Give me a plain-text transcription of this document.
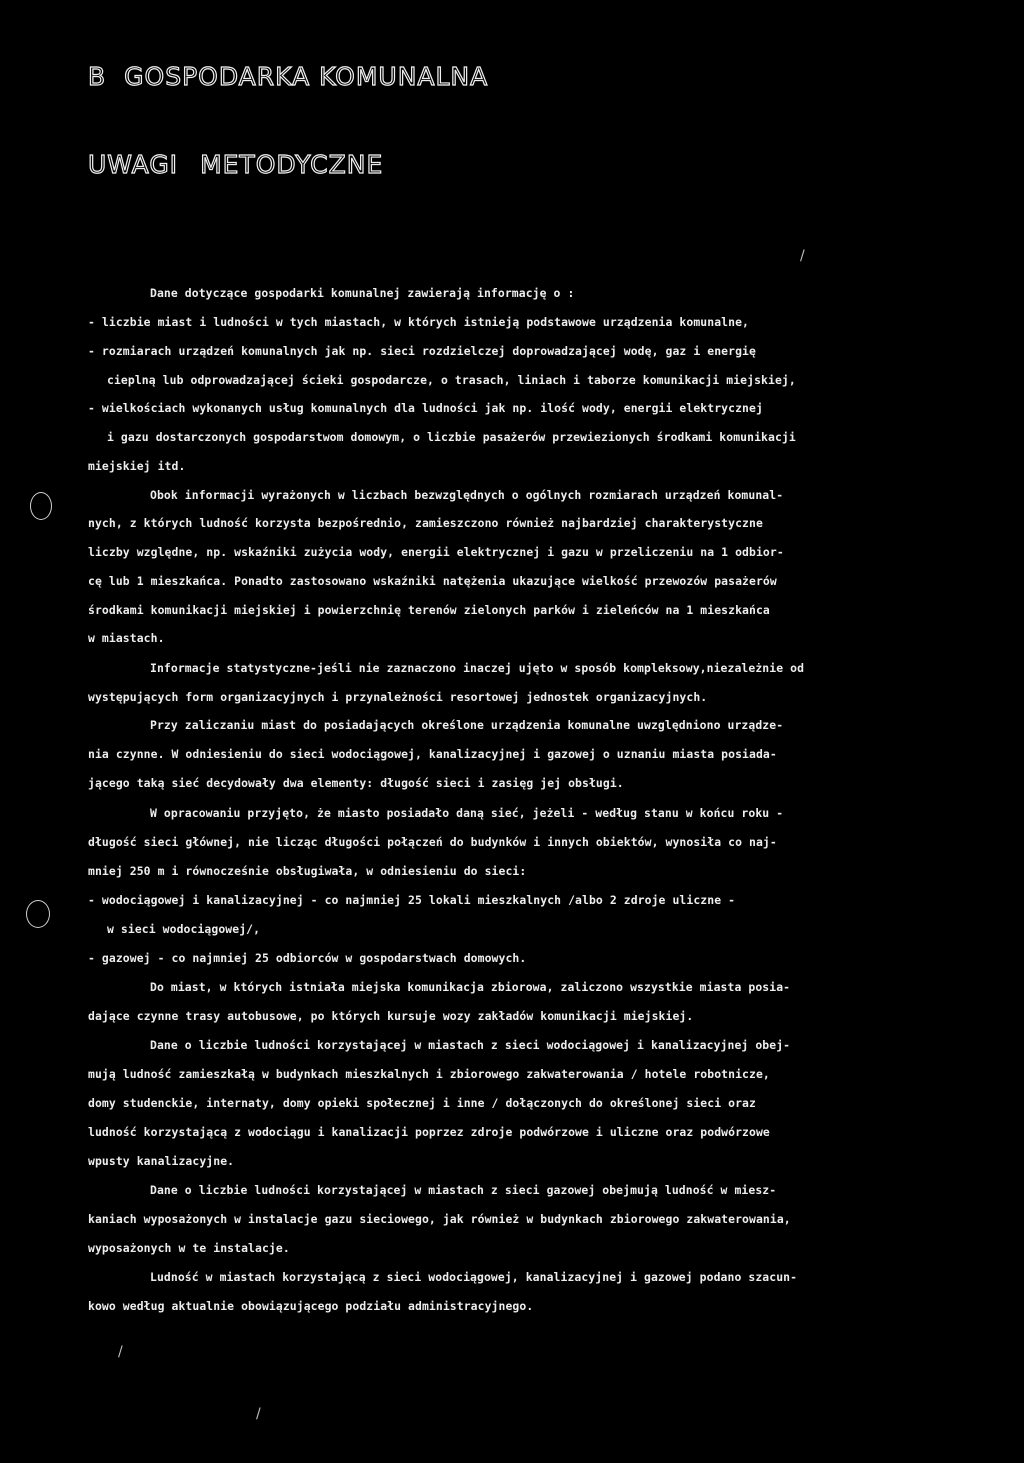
B GOSPODARKA KOMUNALNA
UWAGI METODYCZNE

Dane dotyczące gospodarki komunalnej zawierają informację o :

- liczbie miast i ludności w tych miastach, w których istnieją podstawowe urządzenia komunalne,

- rozmiarach urządzeń komunalnych jak np. sieci rozdzielczej doprowadzającej wodę, gaz i energię

cieplną lub odprowadzającej ścieki gospodarcze, o trasach, liniach i taborze komunikacji miejskiej,

- wielkościach wykonanych usług komunalnych dla ludności jak np. ilość wody, energii elektrycznej

i gazu dostarczonych gospodarstwom domowym, o liczbie pasażerów przewiezionych środkami komunikacji

miejskiej itd.

Obok informacji wyrażonych w liczbach bezwzględnych o ogólnych rozmiarach urządzeń komunal-

nych, z których ludność korzysta bezpośrednio, zamieszczono również najbardziej charakterystyczne

liczby względne, np. wskaźniki zużycia wody, energii elektrycznej i gazu w przeliczeniu na 1 odbior-

cę lub 1 mieszkańca. Ponadto zastosowano wskaźniki natężenia ukazujące wielkość przewozów pasażerów

środkami komunikacji miejskiej i powierzchnię terenów zielonych parków i zieleńców na 1 mieszkańca

w miastach.

Informacje statystyczne-jeśli nie zaznaczono inaczej ujęto w sposób kompleksowy,niezależnie od

występujących form organizacyjnych i przynależności resortowej jednostek organizacyjnych.

Przy zaliczaniu miast do posiadających określone urządzenia komunalne uwzględniono urządze-

nia czynne. W odniesieniu do sieci wodociągowej, kanalizacyjnej i gazowej o uznaniu miasta posiada-

jącego taką sieć decydowały dwa elementy: długość sieci i zasięg jej obsługi.

W opracowaniu przyjęto, że miasto posiadało daną sieć, jeżeli - według stanu w końcu roku -

długość sieci głównej, nie licząc długości połączeń do budynków i innych obiektów, wynosiła co naj-

mniej 250 m i równocześnie obsługiwała, w odniesieniu do sieci:

- wodociągowej i kanalizacyjnej - co najmniej 25 lokali mieszkalnych /albo 2 zdroje uliczne -

w sieci wodociągowej/,

- gazowej - co najmniej 25 odbiorców w gospodarstwach domowych.

Do miast, w których istniała miejska komunikacja zbiorowa, zaliczono wszystkie miasta posia-

dające czynne trasy autobusowe, po których kursuje wozy zakładów komunikacji miejskiej.

Dane o liczbie ludności korzystającej w miastach z sieci wodociągowej i kanalizacyjnej obej-

mują ludność zamieszkałą w budynkach mieszkalnych i zbiorowego zakwaterowania / hotele robotnicze,

domy studenckie, internaty, domy opieki społecznej i inne / dołączonych do określonej sieci oraz

ludność korzystającą z wodociągu i kanalizacji poprzez zdroje podwórzowe i uliczne oraz podwórzowe

wpusty kanalizacyjne.

Dane o liczbie ludności korzystającej w miastach z sieci gazowej obejmują ludność w miesz-

kaniach wyposażonych w instalacje gazu sieciowego, jak również w budynkach zbiorowego zakwaterowania,

wyposażonych w te instalacje.

Ludność w miastach korzystającą z sieci wodociągowej, kanalizacyjnej i gazowej podano szacun-

kowo według aktualnie obowiązującego podziału administracyjnego.

/
/
/
